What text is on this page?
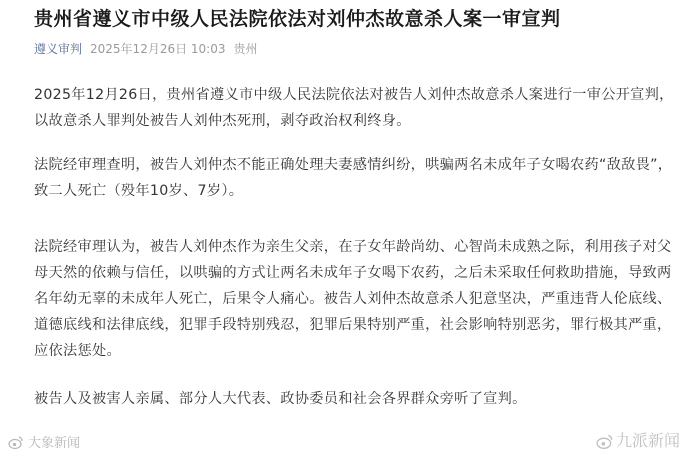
贵州省遵义市中级人民法院依法对刘仲杰故意杀人案一审宣判
遵义审判 2025年12月26日 10:03 贵州

2025年12月26日，贵州省遵义市中级人民法院依法对被告人刘仲杰故意杀人案进行一审公开宣判，以故意杀人罪判处被告人刘仲杰死刑，剥夺政治权利终身。

法院经审理查明，被告人刘仲杰不能正确处理夫妻感情纠纷，哄骗两名未成年子女喝农药“敌敌畏”，致二人死亡（殁年10岁、7岁）。

法院经审理认为，被告人刘仲杰作为亲生父亲，在子女年龄尚幼、心智尚未成熟之际，利用孩子对父母天然的依赖与信任，以哄骗的方式让两名未成年子女喝下农药，之后未采取任何救助措施，导致两名年幼无辜的未成年人死亡，后果令人痛心。被告人刘仲杰故意杀人犯意坚决，严重违背人伦底线、道德底线和法律底线，犯罪手段特别残忍，犯罪后果特别严重，社会影响特别恶劣，罪行极其严重，应依法惩处。

被告人及被害人亲属、部分人大代表、政协委员和社会各界群众旁听了宣判。

大象新闻	九派新闻
